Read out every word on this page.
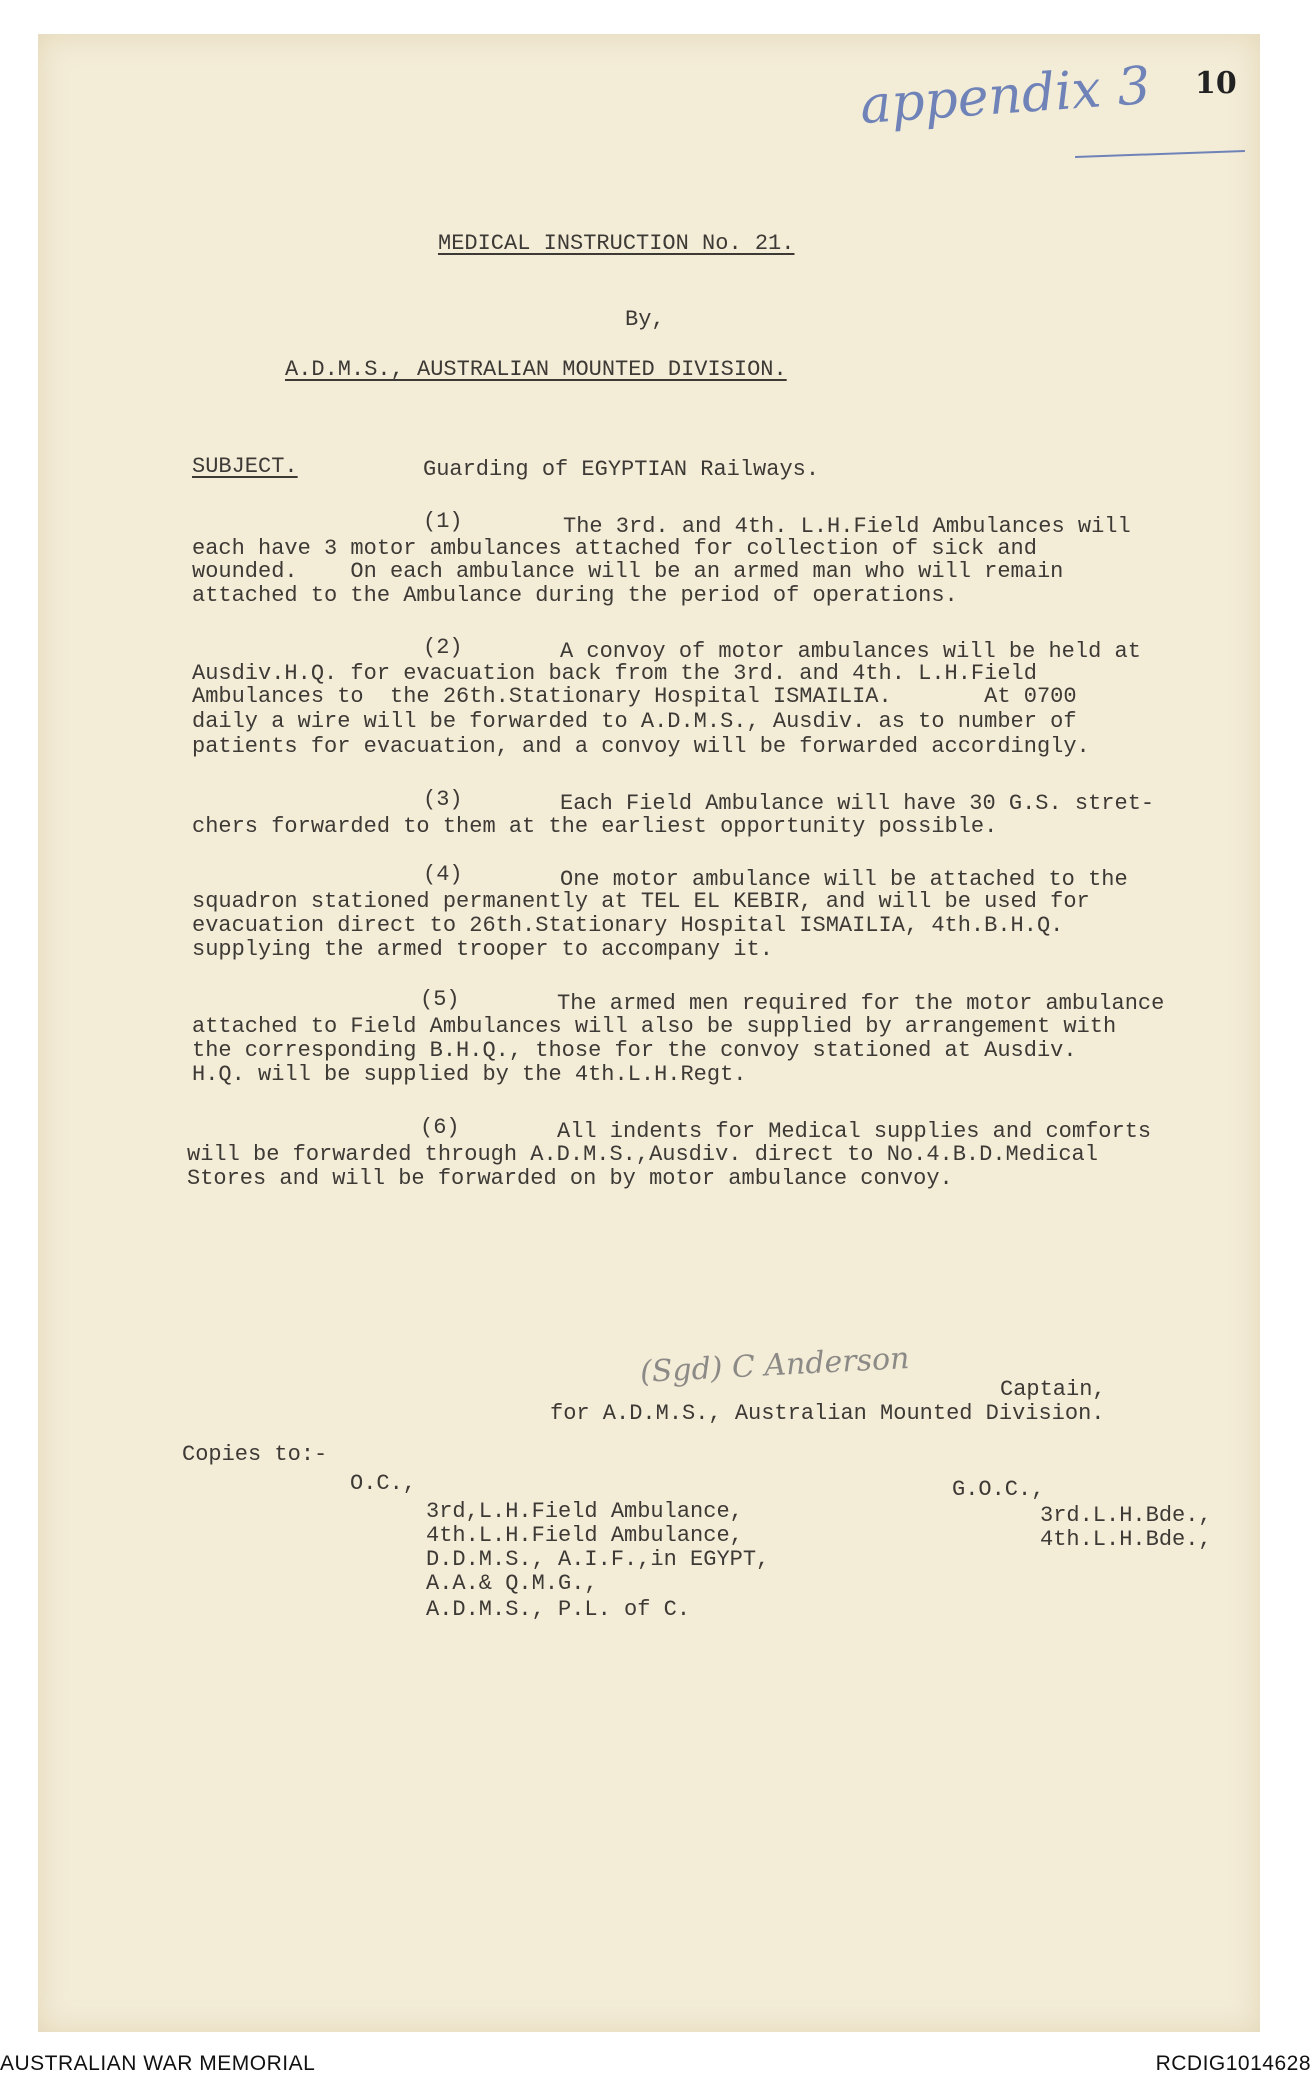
appendix 3 10
MEDICAL INSTRUCTION No. 21.
By,
A.D.M.S., AUSTRALIAN MOUNTED DIVISION.
SUBJECT.	Guarding of EGYPTIAN Railways.
(1)	The 3rd. and 4th. L.H.Field Ambulances will
each have 3 motor ambulances attached for collection of sick and
wounded.    On each ambulance will be an armed man who will remain
attached to the Ambulance during the period of operations.
(2)	A convoy of motor ambulances will be held at
Ausdiv.H.Q. for evacuation back from the 3rd. and 4th. L.H.Field
Ambulances to  the 26th.Stationary Hospital ISMAILIA.       At 0700
daily a wire will be forwarded to A.D.M.S., Ausdiv. as to number of
patients for evacuation, and a convoy will be forwarded accordingly.
(3)	Each Field Ambulance will have 30 G.S. stret-
chers forwarded to them at the earliest opportunity possible.
(4)	One motor ambulance will be attached to the
squadron stationed permanently at TEL EL KEBIR, and will be used for
evacuation direct to 26th.Stationary Hospital ISMAILIA, 4th.B.H.Q.
supplying the armed trooper to accompany it.
(5)	The armed men required for the motor ambulance
attached to Field Ambulances will also be supplied by arrangement with
the corresponding B.H.Q., those for the convoy stationed at Ausdiv.
H.Q. will be supplied by the 4th.L.H.Regt.
(6)	All indents for Medical supplies and comforts
will be forwarded through A.D.M.S.,Ausdiv. direct to No.4.B.D.Medical
Stores and will be forwarded on by motor ambulance convoy.
(Sgd) C Anderson	Captain,
for A.D.M.S., Australian Mounted Division.
Copies to:-
O.C.,
3rd,L.H.Field Ambulance,
4th.L.H.Field Ambulance,
D.D.M.S., A.I.F.,in EGYPT,
A.A.& Q.M.G.,
A.D.M.S., P.L. of C.
G.O.C.,
3rd.L.H.Bde.,
4th.L.H.Bde.,
AUSTRALIAN WAR MEMORIAL	RCDIG1014628
